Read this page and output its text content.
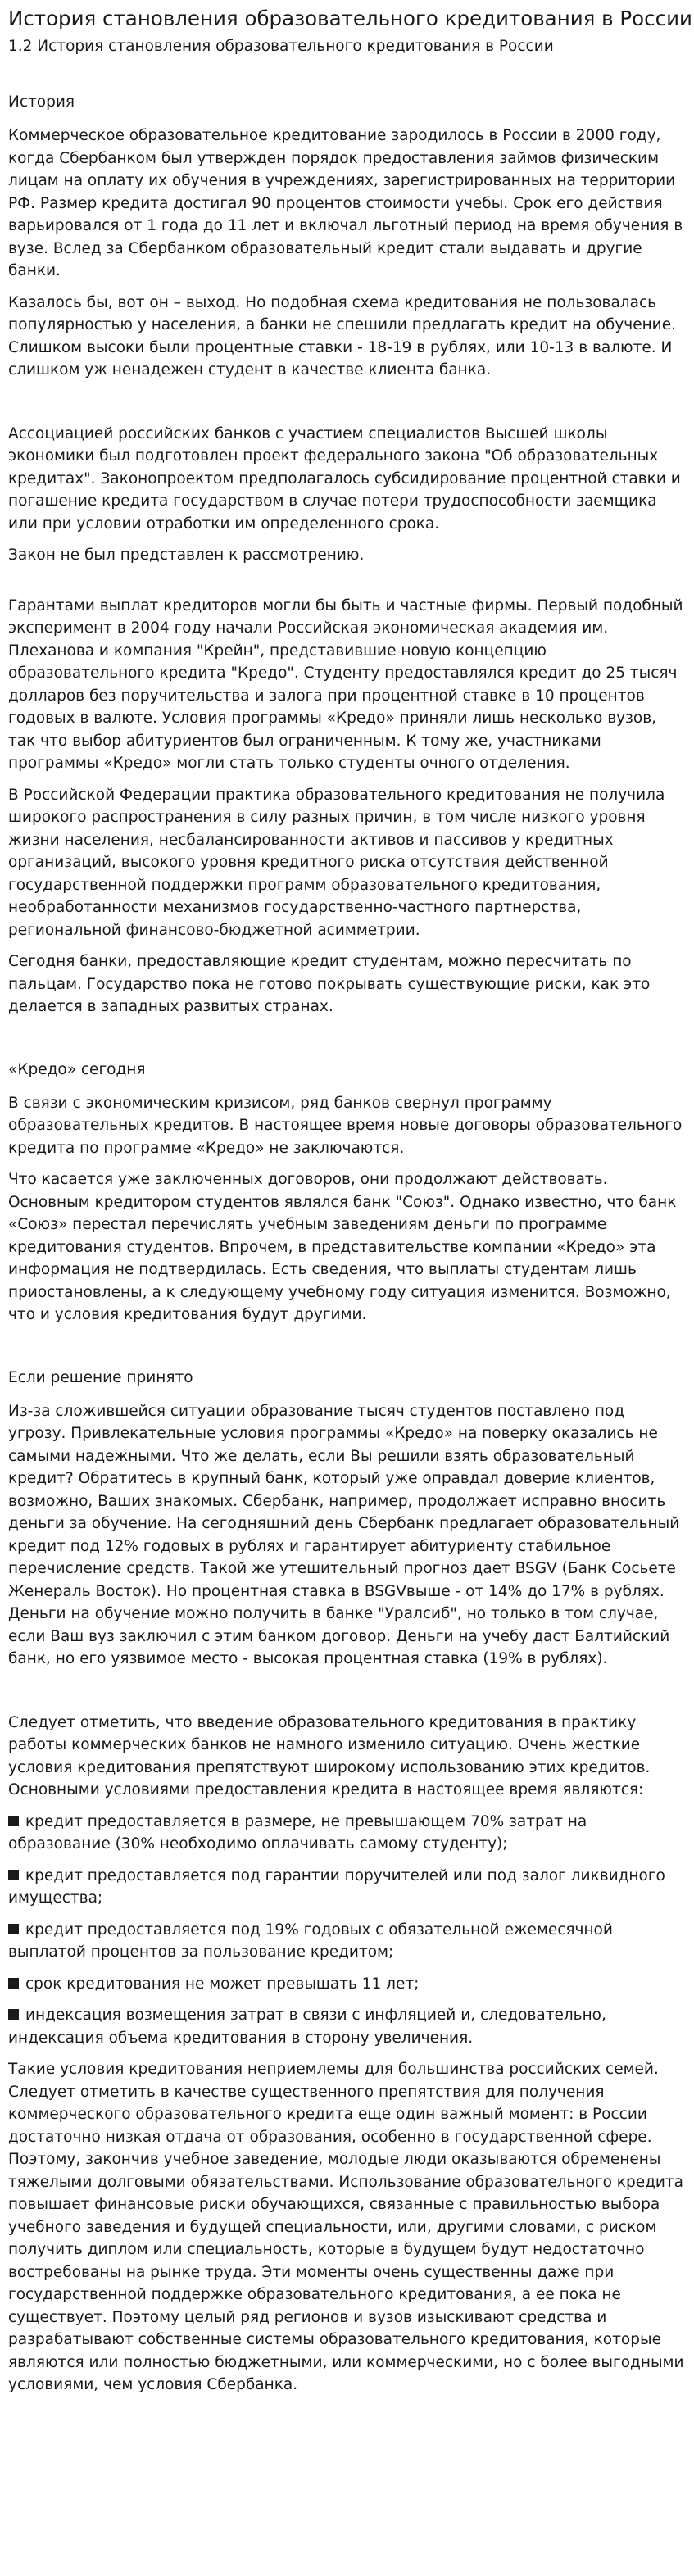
История становления образовательного кредитования в России
1.2 История становления образовательного кредитования в России
История

Коммерческое образовательное кредитование зародилось в России в 2000 году, когда Сбербанком был утвержден порядок предоставления займов физическим лицам на оплату их обучения в учреждениях, зарегистрированных на территории РФ. Размер кредита достигал 90 процентов стоимости учебы. Срок его действия варьировался от 1 года до 11 лет и включал льготный период на время обучения в вузе. Вслед за Сбербанком образовательный кредит стали выдавать и другие банки.

Казалось бы, вот он – выход. Но подобная схема кредитования не пользовалась популярностью у населения, а банки не спешили предлагать кредит на обучение. Слишком высоки были процентные ставки - 18-19 в рублях, или 10-13 в валюте. И слишком уж ненадежен студент в качестве клиента банка.

Ассоциацией российских банков с участием специалистов Высшей школы экономики был подготовлен проект федерального закона "Об образовательных кредитах". Законопроектом предполагалось субсидирование процентной ставки и погашение кредита государством в случае потери трудоспособности заемщика или при условии отработки им определенного срока.

Закон не был представлен к рассмотрению.

Гарантами выплат кредиторов могли бы быть и частные фирмы. Первый подобный эксперимент в 2004 году начали Российская экономическая академия им. Плеханова и компания "Крейн", представившие новую концепцию образовательного кредита "Кредо". Студенту предоставлялся кредит до 25 тысяч долларов без поручительства и залога при процентной ставке в 10 процентов годовых в валюте. Условия программы «Кредо» приняли лишь несколько вузов, так что выбор абитуриентов был ограниченным. К тому же, участниками программы «Кредо» могли стать только студенты очного отделения.

В Российской Федерации практика образовательного кредитования не получила широкого распространения в силу разных причин, в том числе низкого уровня жизни населения, несбалансированности активов и пассивов у кредитных организаций, высокого уровня кредитного риска отсутствия действенной государственной поддержки программ образовательного кредитования, необработанности механизмов государственно-частного партнерства, региональной финансово-бюджетной асимметрии.

Сегодня банки, предоставляющие кредит студентам, можно пересчитать по пальцам. Государство пока не готово покрывать существующие риски, как это делается в западных развитых странах.

«Кредо» сегодня

В связи с экономическим кризисом, ряд банков свернул программу образовательных кредитов. В настоящее время новые договоры образовательного кредита по программе «Кредо» не заключаются.

Что касается уже заключенных договоров, они продолжают действовать. Основным кредитором студентов являлся банк "Союз". Однако известно, что банк «Союз» перестал перечислять учебным заведениям деньги по программе кредитования студентов. Впрочем, в представительстве компании «Кредо» эта информация не подтвердилась. Есть сведения, что выплаты студентам лишь приостановлены, а к следующему учебному году ситуация изменится. Возможно, что и условия кредитования будут другими.

Если решение принято

Из-за сложившейся ситуации образование тысяч студентов поставлено под угрозу. Привлекательные условия программы «Кредо» на поверку оказались не самыми надежными. Что же делать, если Вы решили взять образовательный кредит? Обратитесь в крупный банк, который уже оправдал доверие клиентов, возможно, Ваших знакомых. Сбербанк, например, продолжает исправно вносить деньги за обучение. На сегодняшний день Сбербанк предлагает образовательный кредит под 12% годовых в рублях и гарантирует абитуриенту стабильное перечисление средств. Такой же утешительный прогноз дает BSGV (Банк Сосьете Женераль Восток). Но процентная ставка в BSGVвыше - от 14% до 17% в рублях. Деньги на обучение можно получить в банке "Уралсиб", но только в том случае, если Ваш вуз заключил с этим банком договор. Деньги на учебу даст Балтийский банк, но его уязвимое место - высокая процентная ставка (19% в рублях).

Следует отметить, что введение образовательного кредитования в практику работы коммерческих банков не намного изменило ситуацию. Очень жесткие условия кредитования препятствуют широкому использованию этих кредитов. Основными условиями предоставления кредита в настоящее время являются:

кредит предоставляется в размере, не превышающем 70% затрат на образование (30% необходимо оплачивать самому студенту);
кредит предоставляется под гарантии поручителей или под залог ликвидного имущества;
кредит предоставляется под 19% годовых с обязательной ежемесячной выплатой процентов за пользование кредитом;
срок кредитования не может превышать 11 лет;
индексация возмещения затрат в связи с инфляцией и, следовательно, индексация объема кредитования в сторону увеличения.

Такие условия кредитования неприемлемы для большинства российских семей. Следует отметить в качестве существенного препятствия для получения коммерческого образовательного кредита еще один важный момент: в России достаточно низкая отдача от образования, особенно в государственной сфере. Поэтому, закончив учебное заведение, молодые люди оказываются обременены тяжелыми долговыми обязательствами. Использование образовательного кредита повышает финансовые риски обучающихся, связанные с правильностью выбора учебного заведения и будущей специальности, или, другими словами, с риском получить диплом или специальность, которые в будущем будут недостаточно востребованы на рынке труда. Эти моменты очень существенны даже при государственной поддержке образовательного кредитования, а ее пока не существует. Поэтому целый ряд регионов и вузов изыскивают средства и разрабатывают собственные системы образовательного кредитования, которые являются или полностью бюджетными, или коммерческими, но с более выгодными условиями, чем условия Сбербанка.
